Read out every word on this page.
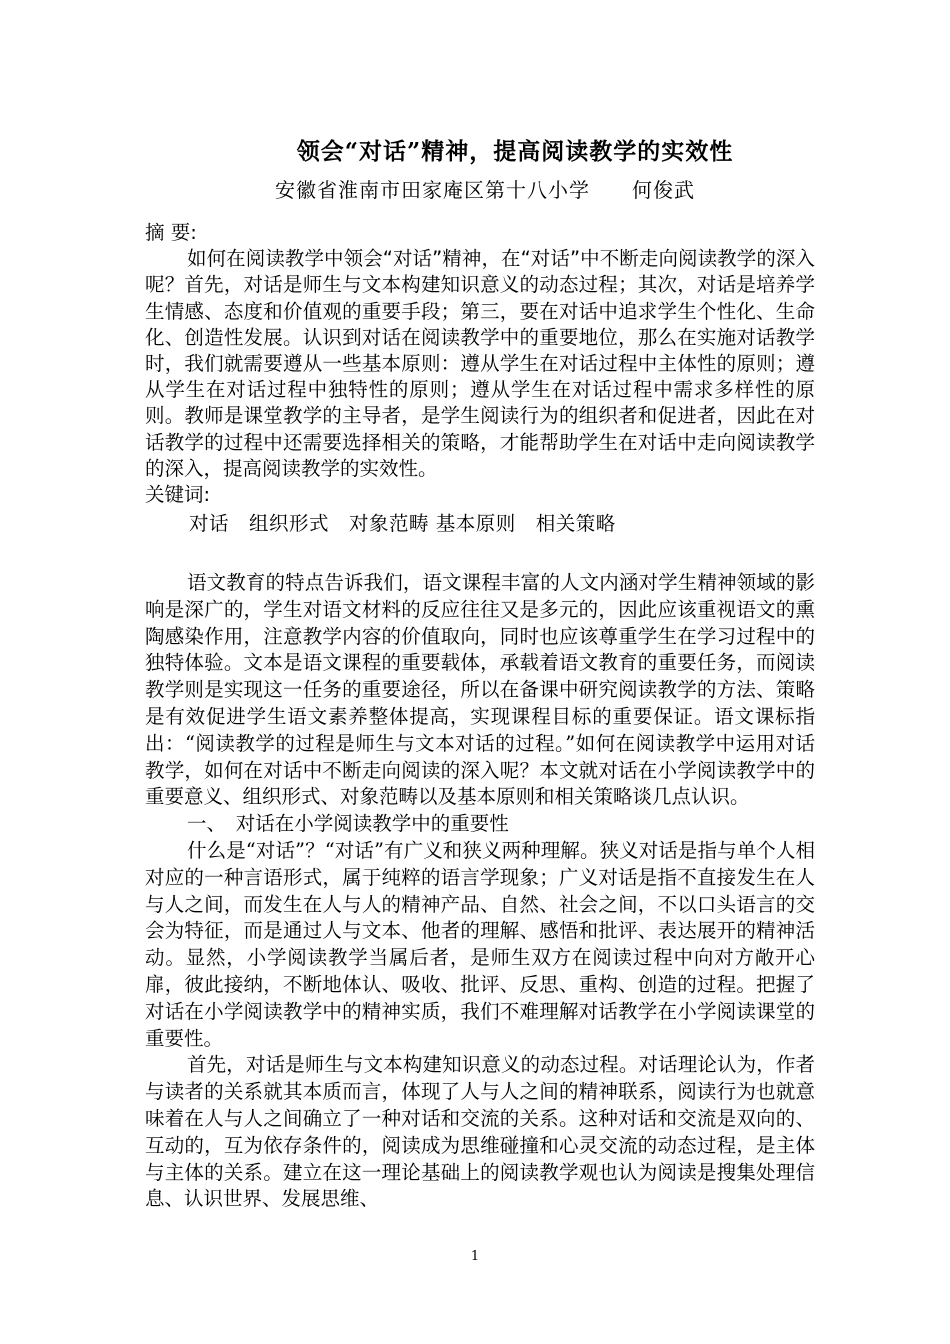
领会“对话”精神，提高阅读教学的实效性
安徽省淮南市田家庵区第十八小学　　何俊武
摘 要:

如何在阅读教学中领会“对话”精神，在“对话”中不断走向阅读教学的深入呢？首先，对话是师生与文本构建知识意义的动态过程；其次，对话是培养学生情感、态度和价值观的重要手段；第三，要在对话中追求学生个性化、生命化、创造性发展。认识到对话在阅读教学中的重要地位，那么在实施对话教学时，我们就需要遵从一些基本原则：遵从学生在对话过程中主体性的原则；遵从学生在对话过程中独特性的原则；遵从学生在对话过程中需求多样性的原则。教师是课堂教学的主导者，是学生阅读行为的组织者和促进者，因此在对话教学的过程中还需要选择相关的策略，才能帮助学生在对话中走向阅读教学的深入，提高阅读教学的实效性。

关键词:
对话　组织形式　对象范畴 基本原则　相关策略

语文教育的特点告诉我们，语文课程丰富的人文内涵对学生精神领域的影响是深广的，学生对语文材料的反应往往又是多元的，因此应该重视语文的熏陶感染作用，注意教学内容的价值取向，同时也应该尊重学生在学习过程中的独特体验。文本是语文课程的重要载体，承载着语文教育的重要任务，而阅读教学则是实现这一任务的重要途径，所以在备课中研究阅读教学的方法、策略是有效促进学生语文素养整体提高，实现课程目标的重要保证。语文课标指出：“阅读教学的过程是师生与文本对话的过程。”如何在阅读教学中运用对话教学，如何在对话中不断走向阅读的深入呢？本文就对话在小学阅读教学中的重要意义、组织形式、对象范畴以及基本原则和相关策略谈几点认识。

一、　对话在小学阅读教学中的重要性

什么是“对话”？“对话”有广义和狭义两种理解。狭义对话是指与单个人相对应的一种言语形式，属于纯粹的语言学现象；广义对话是指不直接发生在人与人之间，而发生在人与人的精神产品、自然、社会之间，不以口头语言的交会为特征，而是通过人与文本、他者的理解、感悟和批评、表达展开的精神活动。显然，小学阅读教学当属后者，是师生双方在阅读过程中向对方敞开心扉，彼此接纳，不断地体认、吸收、批评、反思、重构、创造的过程。把握了对话在小学阅读教学中的精神实质，我们不难理解对话教学在小学阅读课堂的重要性。

首先，对话是师生与文本构建知识意义的动态过程。对话理论认为，作者与读者的关系就其本质而言，体现了人与人之间的精神联系，阅读行为也就意味着在人与人之间确立了一种对话和交流的关系。这种对话和交流是双向的、互动的，互为依存条件的，阅读成为思维碰撞和心灵交流的动态过程，是主体与主体的关系。建立在这一理论基础上的阅读教学观也认为阅读是搜集处理信息、认识世界、发展思维、

1
